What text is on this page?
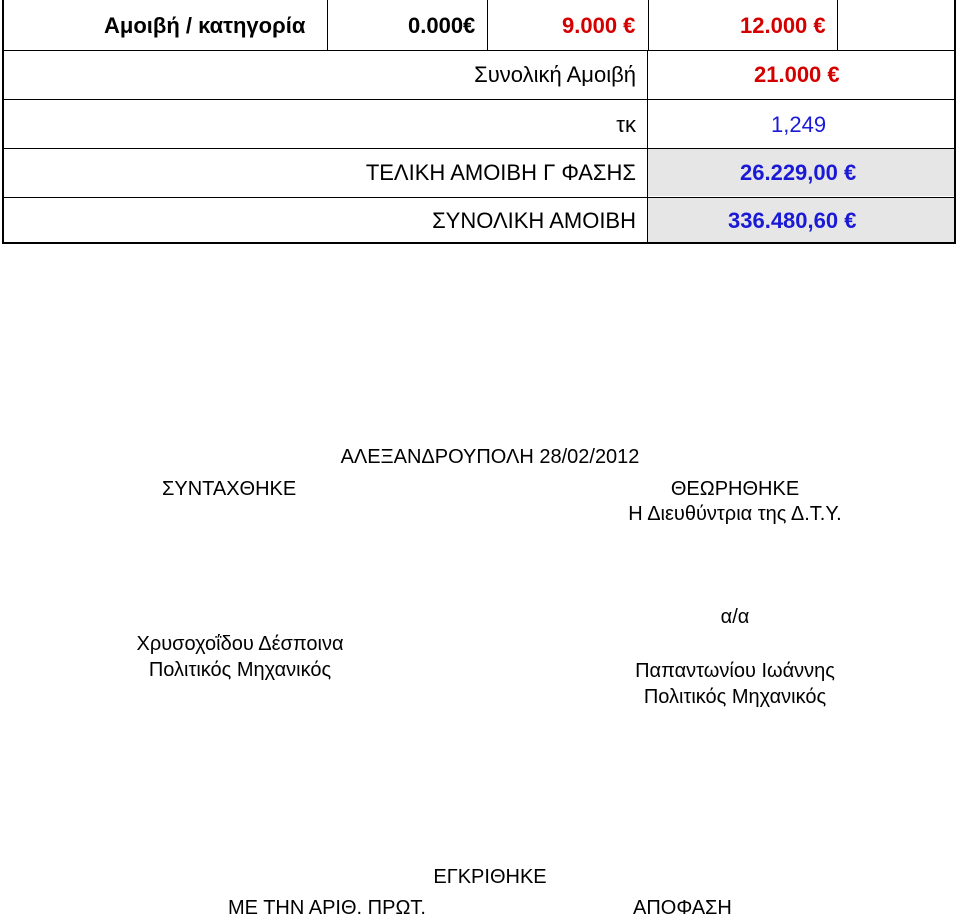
Αμοιβή / κατηγορία	0.000€	9.000 €	12.000 €
Συνολική Αμοιβή	21.000 €
τκ	1,249
ΤΕΛΙΚΗ ΑΜΟΙΒΗ Γ ΦΑΣΗΣ	26.229,00 €
ΣΥΝΟΛΙΚΗ ΑΜΟΙΒΗ	336.480,60 €
ΑΛΕΞΑΝΔΡΟΥΠΟΛΗ 28/02/2012
ΣΥΝΤΑΧΘΗΚΕ	ΘΕΩΡΗΘΗΚΕ
Η Διευθύντρια της Δ.Τ.Υ.
α/α
Χρυσοχοΐδου Δέσποινα
Πολιτικός Μηχανικός	Παπαντωνίου Ιωάννης
Πολιτικός Μηχανικός
ΕΓΚΡΙΘΗΚΕ
ΜΕ ΤΗΝ ΑΡΙΘ. ΠΡΩΤ.	ΑΠΟΦΑΣΗ
